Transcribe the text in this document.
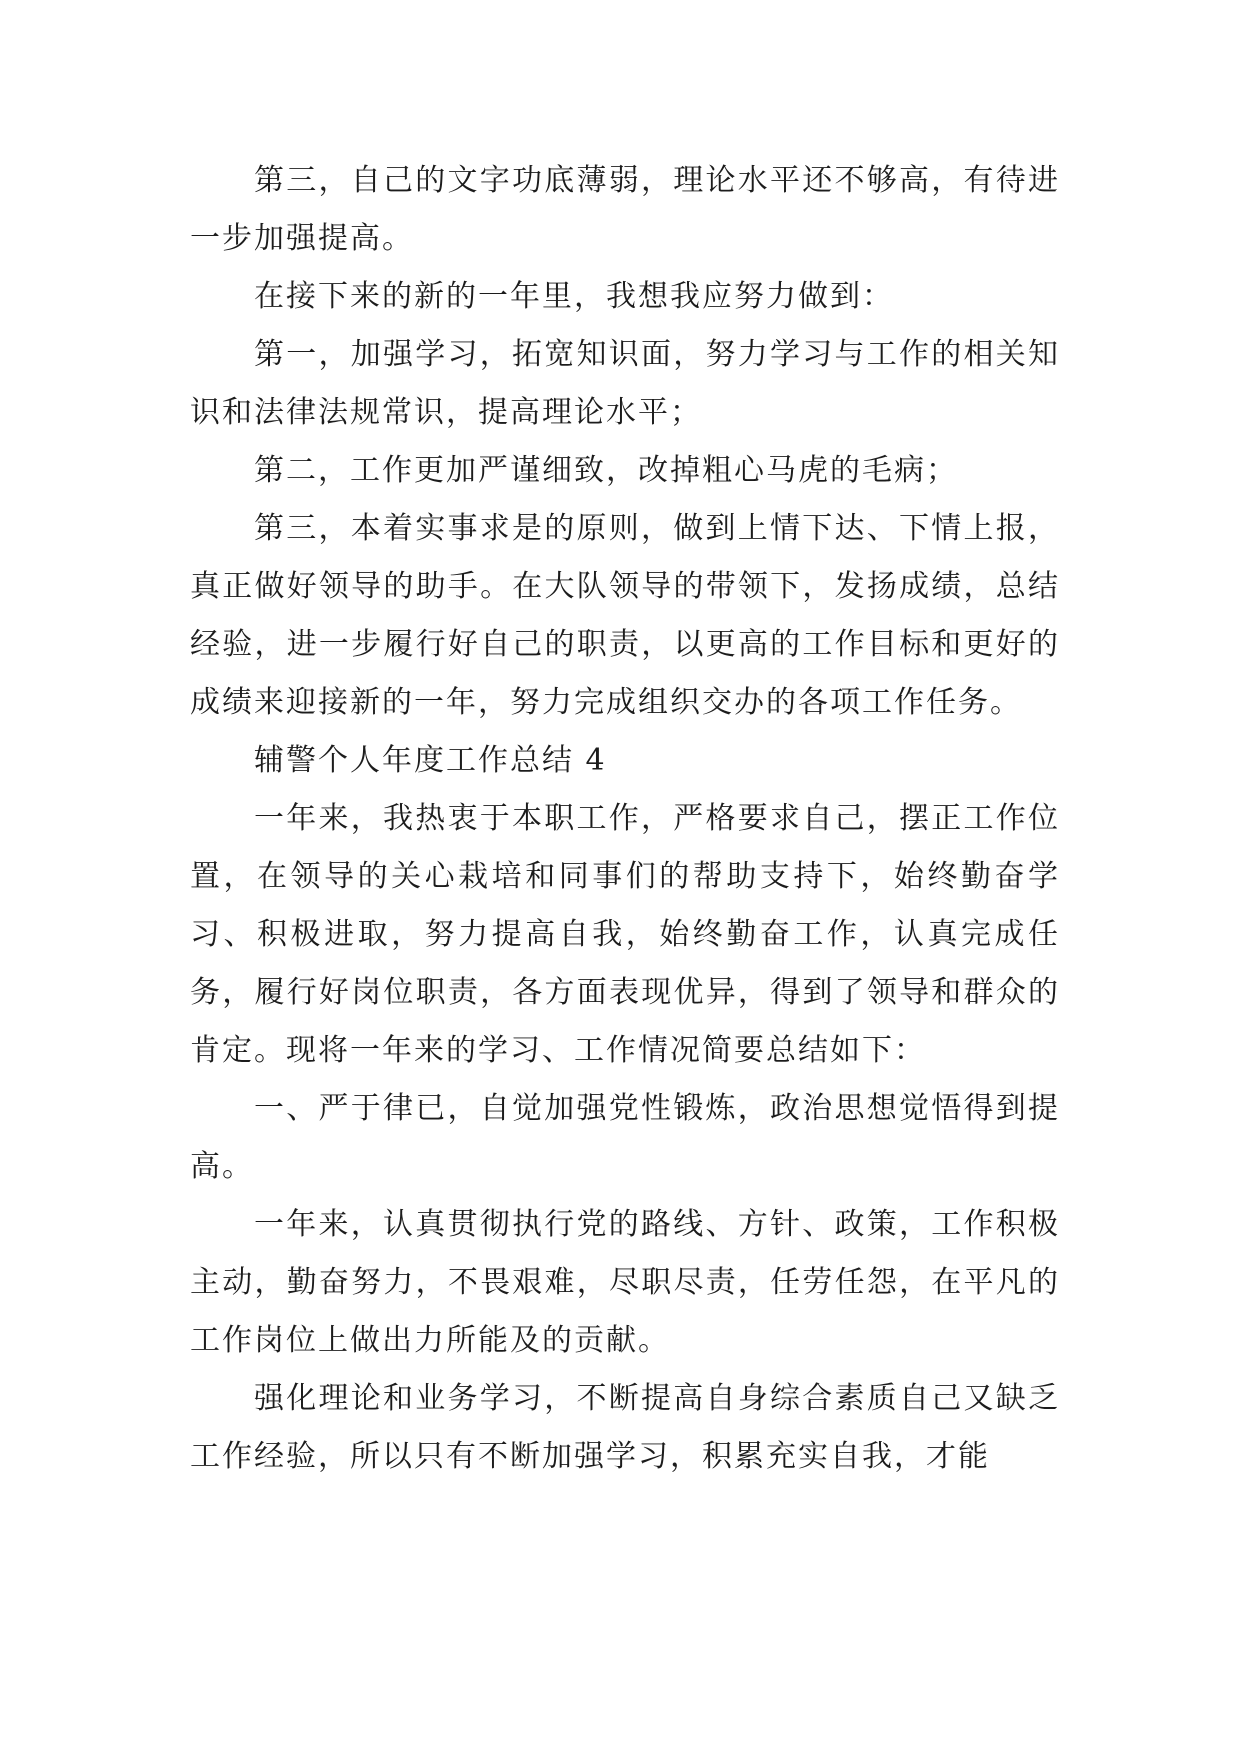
第三，自己的文字功底薄弱，理论水平还不够高，有待进一步加强提高。

在接下来的新的一年里，我想我应努力做到：

第一，加强学习，拓宽知识面，努力学习与工作的相关知识和法律法规常识，提高理论水平；

第二，工作更加严谨细致，改掉粗心马虎的毛病；

第三，本着实事求是的原则，做到上情下达、下情上报，真正做好领导的助手。在大队领导的带领下，发扬成绩，总结经验，进一步履行好自己的职责，以更高的工作目标和更好的成绩来迎接新的一年，努力完成组织交办的各项工作任务。

辅警个人年度工作总结 4

一年来，我热衷于本职工作，严格要求自己，摆正工作位置，在领导的关心栽培和同事们的帮助支持下，始终勤奋学习、积极进取，努力提高自我，始终勤奋工作，认真完成任务，履行好岗位职责，各方面表现优异，得到了领导和群众的肯定。现将一年来的学习、工作情况简要总结如下：

一、严于律已，自觉加强党性锻炼，政治思想觉悟得到提高。

一年来，认真贯彻执行党的路线、方针、政策，工作积极主动，勤奋努力，不畏艰难，尽职尽责，任劳任怨，在平凡的工作岗位上做出力所能及的贡献。

强化理论和业务学习，不断提高自身综合素质自己又缺乏工作经验，所以只有不断加强学习，积累充实自我，才能
